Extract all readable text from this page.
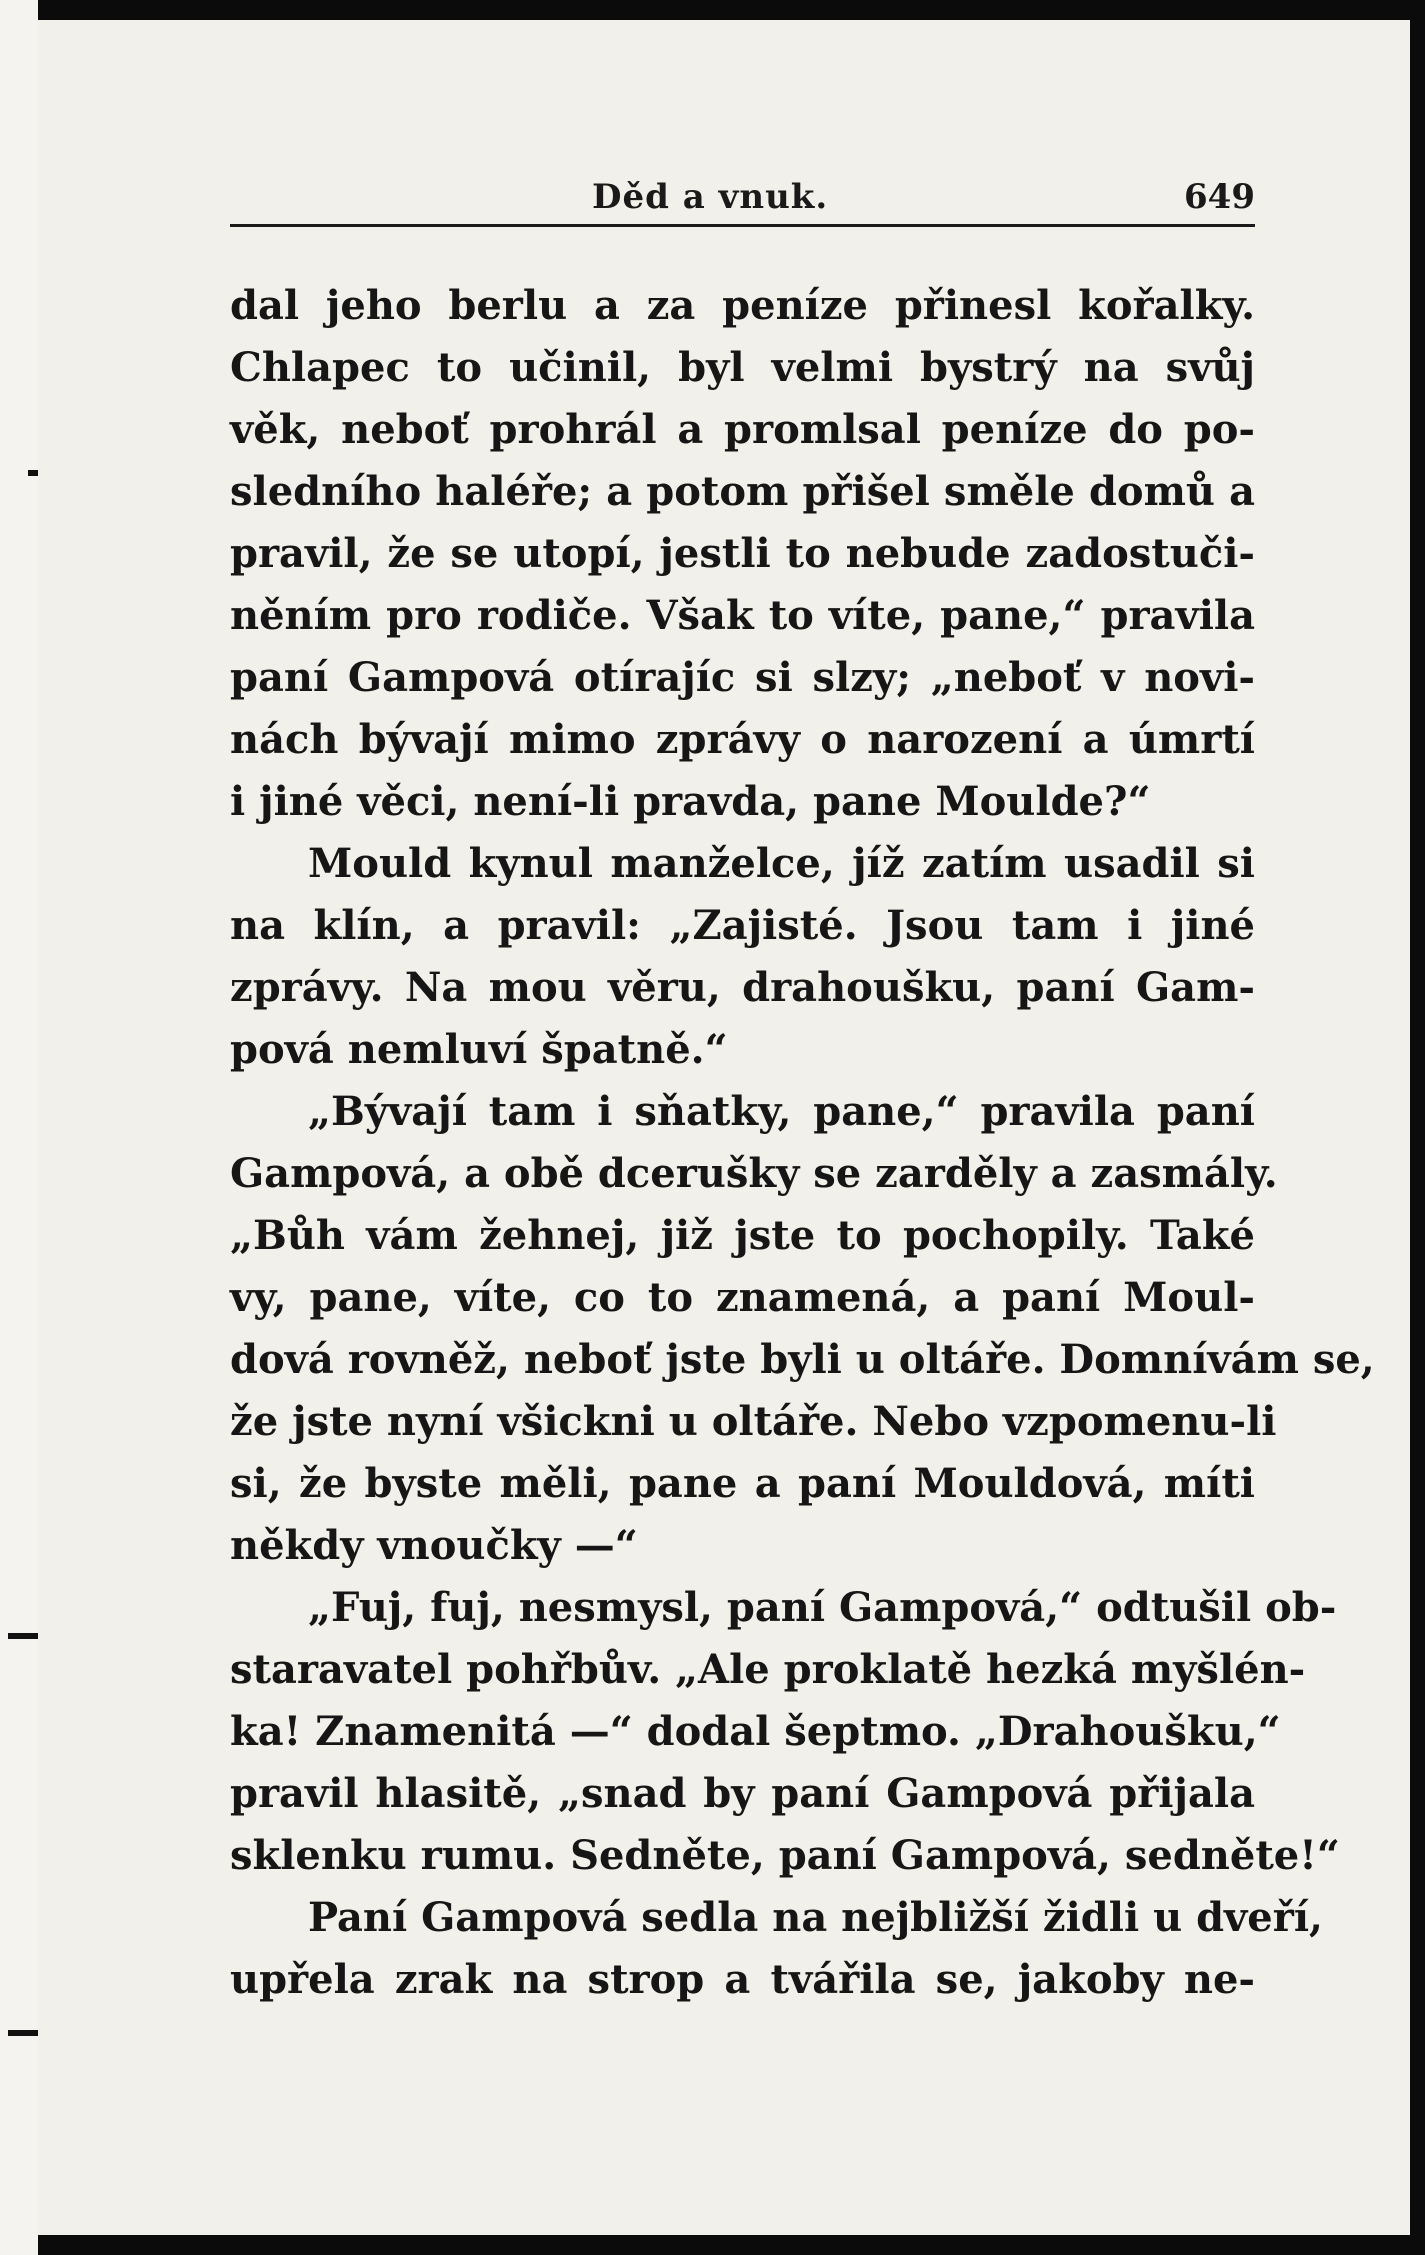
Děd a vnuk.	649
dal jeho berlu a za peníze přinesl kořalky.
Chlapec to učinil, byl velmi bystrý na svůj
věk, neboť prohrál a promlsal peníze do po-
sledního haléře; a potom přišel směle domů a
pravil, že se utopí, jestli to nebude zadostuči-
něním pro rodiče. Však to víte, pane,“ pravila
paní Gampová otírajíc si slzy; „neboť v novi-
nách bývají mimo zprávy o narození a úmrtí
i jiné věci, není-li pravda, pane Moulde?“
Mould kynul manželce, jíž zatím usadil si
na klín, a pravil: „Zajisté. Jsou tam i jiné
zprávy. Na mou věru, drahoušku, paní Gam-
pová nemluví špatně.“
„Bývají tam i sňatky, pane,“ pravila paní
Gampová, a obě dcerušky se zarděly a zasmály.
„Bůh vám žehnej, již jste to pochopily. Také
vy, pane, víte, co to znamená, a paní Moul-
dová rovněž, neboť jste byli u oltáře. Domnívám se,
že jste nyní všickni u oltáře. Nebo vzpomenu-li
si, že byste měli, pane a paní Mouldová, míti
někdy vnoučky —“
„Fuj, fuj, nesmysl, paní Gampová,“ odtušil ob-
staravatel pohřbův. „Ale proklatě hezká myšlén-
ka! Znamenitá —“ dodal šeptmo. „Drahoušku,“
pravil hlasitě, „snad by paní Gampová přijala
sklenku rumu. Sedněte, paní Gampová, sedněte!“
Paní Gampová sedla na nejbližší židli u dveří,
upřela zrak na strop a tvářila se, jakoby ne-
